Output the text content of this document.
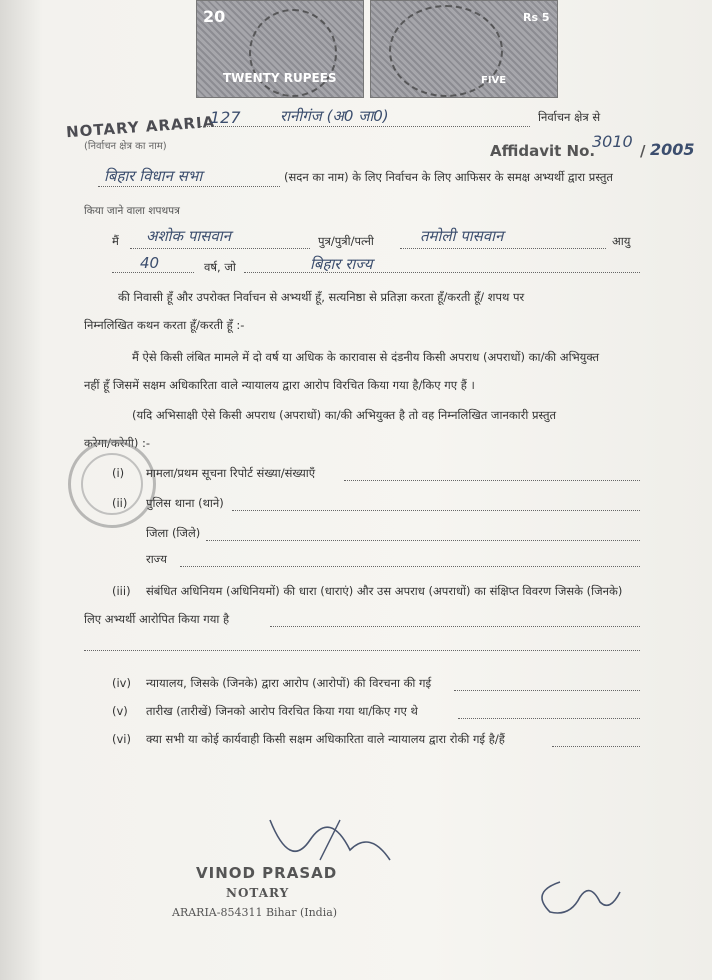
20
TWENTY RUPEES
Rs 5
FIVE
NOTARY ARARIA
127	रानीगंज (अ0 जा0)	निर्वाचन क्षेत्र से
(निर्वाचन क्षेत्र का नाम)	Affidavit No.
3010 / 2005
बिहार विधान सभा	(सदन का नाम) के लिए निर्वाचन के लिए आफिसर के समक्ष अभ्यर्थी द्वारा प्रस्तुत
किया जाने वाला शपथपत्र
मैं अशोक पासवान	पुत्र/पुत्री/पत्नी	तमोली पासवान	आयु
40	वर्ष, जो	बिहार राज्य
की निवासी हूँ और उपरोक्त निर्वाचन से अभ्यर्थी हूँ, सत्यनिष्ठा से प्रतिज्ञा करता हूँ/करती हूँ/ शपथ पर
निम्नलिखित कथन करता हूँ/करती हूँ :-
मैं ऐसे किसी लंबित मामले में दो वर्ष या अधिक के कारावास से दंडनीय किसी अपराध (अपराधों) का/की अभियुक्त
नहीं हूँ जिसमें सक्षम अधिकारिता वाले न्यायालय द्वारा आरोप विरचित किया गया है/किए गए हैं ।
(यदि अभिसाक्षी ऐसे किसी अपराध (अपराधों) का/की अभियुक्त है तो वह निम्नलिखित जानकारी प्रस्तुत
करेगा/करेगी) :-
(i) मामला/प्रथम सूचना रिपोर्ट संख्या/संख्याएँ
(ii) पुलिस थाना (थाने)
जिला (जिले)
राज्य
(iii) संबंधित अधिनियम (अधिनियमों) की धारा (धाराएं) और उस अपराध (अपराधों) का संक्षिप्त विवरण जिसके (जिनके)
लिए अभ्यर्थी आरोपित किया गया है
(iv) न्यायालय, जिसके (जिनके) द्वारा आरोप (आरोपों) की विरचना की गई
(v) तारीख (तारीखें) जिनको आरोप विरचित किया गया था/किए गए थे
(vi) क्या सभी या कोई कार्यवाही किसी सक्षम अधिकारिता वाले न्यायालय द्वारा रोकी गई है/हैं
VINOD PRASAD
NOTARY
ARARIA-854311 Bihar (India)
